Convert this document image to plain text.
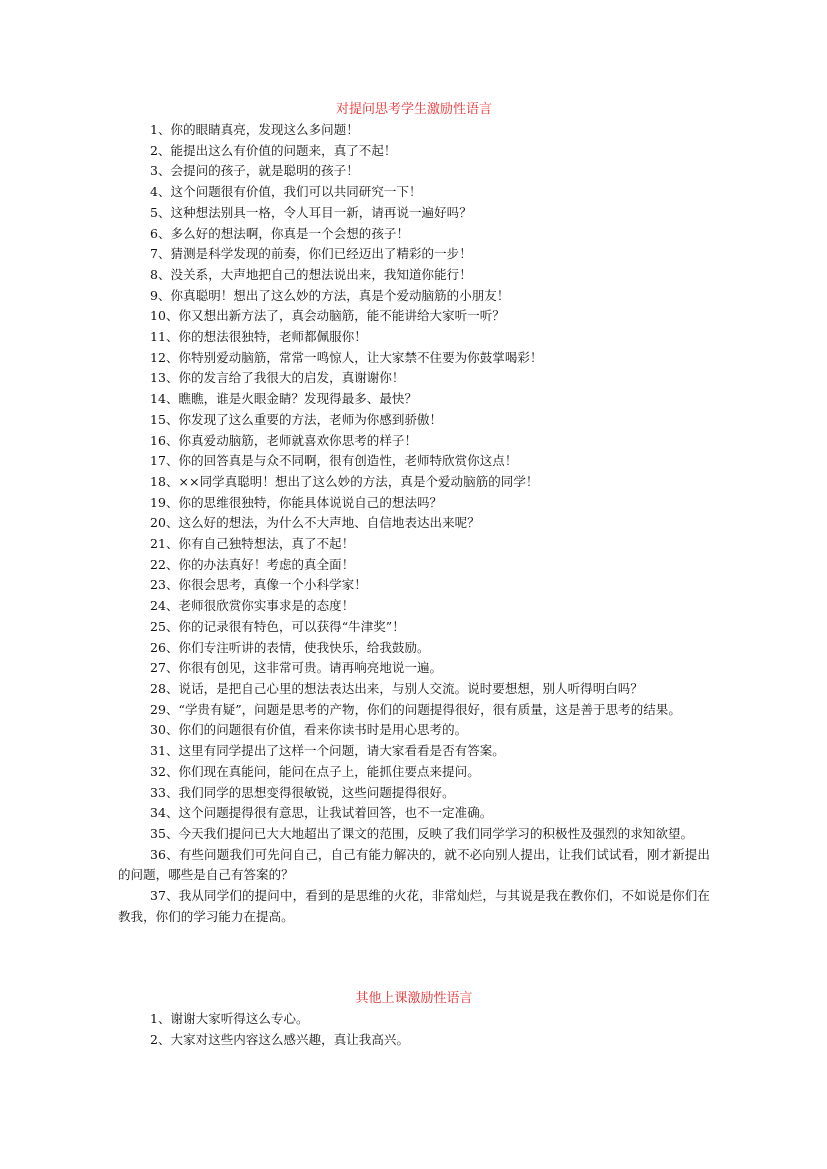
对提问思考学生激励性语言

1、你的眼睛真亮，发现这么多问题！

2、能提出这么有价值的问题来，真了不起！

3、会提问的孩子，就是聪明的孩子！

4、这个问题很有价值，我们可以共同研究一下！

5、这种想法别具一格，令人耳目一新，请再说一遍好吗？

6、多么好的想法啊，你真是一个会想的孩子！

7、猜测是科学发现的前奏，你们已经迈出了精彩的一步！

8、没关系，大声地把自己的想法说出来，我知道你能行！

9、你真聪明！想出了这么妙的方法，真是个爱动脑筋的小朋友！

10、你又想出新方法了，真会动脑筋，能不能讲给大家听一听？

11、你的想法很独特，老师都佩服你！

12、你特别爱动脑筋，常常一鸣惊人，让大家禁不住要为你鼓掌喝彩！

13、你的发言给了我很大的启发，真谢谢你！

14、瞧瞧，谁是火眼金睛？发现得最多、最快？

15、你发现了这么重要的方法，老师为你感到骄傲！

16、你真爱动脑筋，老师就喜欢你思考的样子！

17、你的回答真是与众不同啊，很有创造性，老师特欣赏你这点！

18、××同学真聪明！想出了这么妙的方法，真是个爱动脑筋的同学！

19、你的思维很独特，你能具体说说自己的想法吗？

20、这么好的想法，为什么不大声地、自信地表达出来呢？

21、你有自己独特想法，真了不起！

22、你的办法真好！考虑的真全面！

23、你很会思考，真像一个小科学家！

24、老师很欣赏你实事求是的态度！

25、你的记录很有特色，可以获得“牛津奖”！

26、你们专注听讲的表情，使我快乐，给我鼓励。

27、你很有创见，这非常可贵。请再响亮地说一遍。

28、说话，是把自己心里的想法表达出来，与别人交流。说时要想想，别人听得明白吗？

29、“学贵有疑”，问题是思考的产物，你们的问题提得很好，很有质量，这是善于思考的结果。

30、你们的问题很有价值，看来你读书时是用心思考的。

31、这里有同学提出了这样一个问题，请大家看看是否有答案。

32、你们现在真能问，能问在点子上，能抓住要点来提问。

33、我们同学的思想变得很敏锐，这些问题提得很好。

34、这个问题提得很有意思，让我试着回答，也不一定准确。

35、今天我们提问已大大地超出了课文的范围，反映了我们同学学习的积极性及强烈的求知欲望。

36、有些问题我们可先问自己，自己有能力解决的，就不必向别人提出，让我们试试看，刚才新提出的问题，哪些是自己有答案的？

37、我从同学们的提问中，看到的是思维的火花，非常灿烂，与其说是我在教你们，不如说是你们在教我，你们的学习能力在提高。

其他上课激励性语言

1、谢谢大家听得这么专心。

2、大家对这些内容这么感兴趣，真让我高兴。
